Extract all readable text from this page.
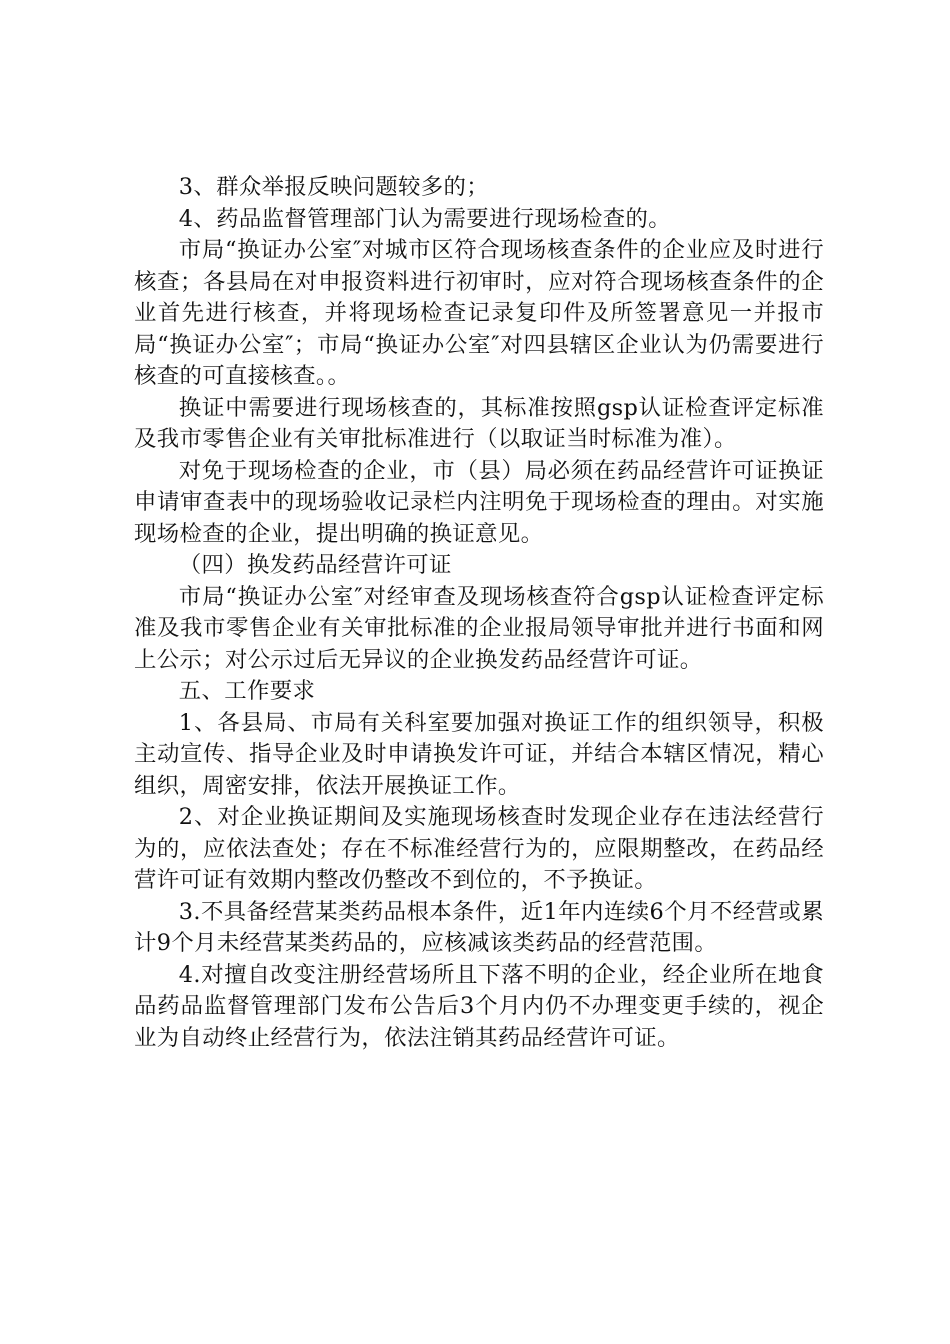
3、群众举报反映问题较多的；

4、药品监督管理部门认为需要进行现场检查的。

市局“换证办公室″对城市区符合现场核查条件的企业应及时进行核查；各县局在对申报资料进行初审时，应对符合现场核查条件的企业首先进行核查，并将现场检查记录复印件及所签署意见一并报市局“换证办公室″；市局“换证办公室″对四县辖区企业认为仍需要进行核查的可直接核查。。

换证中需要进行现场核查的，其标准按照gsp认证检查评定标准及我市零售企业有关审批标准进行（以取证当时标准为准）。

对免于现场检查的企业，市（县）局必须在药品经营许可证换证申请审查表中的现场验收记录栏内注明免于现场检查的理由。对实施现场检查的企业，提出明确的换证意见。

（四）换发药品经营许可证

市局“换证办公室″对经审查及现场核查符合gsp认证检查评定标准及我市零售企业有关审批标准的企业报局领导审批并进行书面和网上公示；对公示过后无异议的企业换发药品经营许可证。

五、工作要求

1、各县局、市局有关科室要加强对换证工作的组织领导，积极主动宣传、指导企业及时申请换发许可证，并结合本辖区情况，精心组织，周密安排，依法开展换证工作。

2、对企业换证期间及实施现场核查时发现企业存在违法经营行为的，应依法查处；存在不标准经营行为的，应限期整改，在药品经营许可证有效期内整改仍整改不到位的，不予换证。

3.不具备经营某类药品根本条件，近1年内连续6个月不经营或累计9个月未经营某类药品的，应核减该类药品的经营范围。

4.对擅自改变注册经营场所且下落不明的企业，经企业所在地食品药品监督管理部门发布公告后3个月内仍不办理变更手续的，视企业为自动终止经营行为，依法注销其药品经营许可证。
